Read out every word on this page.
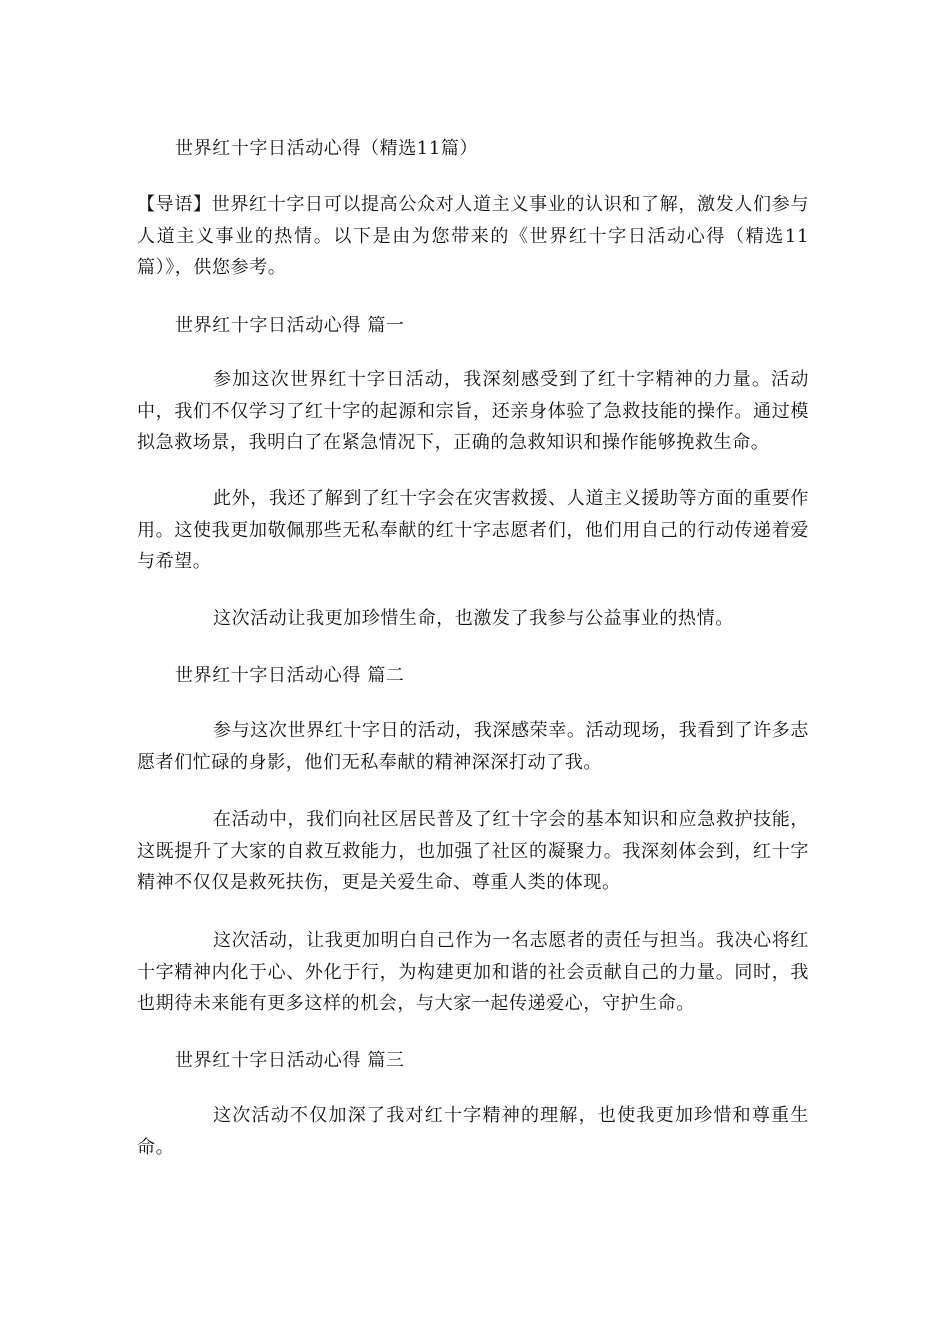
世界红十字日活动心得（精选11篇）

【导语】世界红十字日可以提高公众对人道主义事业的认识和了解，激发人们参与人道主义事业的热情。以下是由为您带来的《世界红十字日活动心得（精选11篇）》，供您参考。

世界红十字日活动心得 篇一

参加这次世界红十字日活动，我深刻感受到了红十字精神的力量。活动中，我们不仅学习了红十字的起源和宗旨，还亲身体验了急救技能的操作。通过模拟急救场景，我明白了在紧急情况下，正确的急救知识和操作能够挽救生命。

此外，我还了解到了红十字会在灾害救援、人道主义援助等方面的重要作用。这使我更加敬佩那些无私奉献的红十字志愿者们，他们用自己的行动传递着爱与希望。

这次活动让我更加珍惜生命，也激发了我参与公益事业的热情。

世界红十字日活动心得 篇二

参与这次世界红十字日的活动，我深感荣幸。活动现场，我看到了许多志愿者们忙碌的身影，他们无私奉献的精神深深打动了我。

在活动中，我们向社区居民普及了红十字会的基本知识和应急救护技能，这既提升了大家的自救互救能力，也加强了社区的凝聚力。我深刻体会到，红十字精神不仅仅是救死扶伤，更是关爱生命、尊重人类的体现。

这次活动，让我更加明白自己作为一名志愿者的责任与担当。我决心将红十字精神内化于心、外化于行，为构建更加和谐的社会贡献自己的力量。同时，我也期待未来能有更多这样的机会，与大家一起传递爱心，守护生命。

世界红十字日活动心得 篇三

这次活动不仅加深了我对红十字精神的理解，也使我更加珍惜和尊重生命。
